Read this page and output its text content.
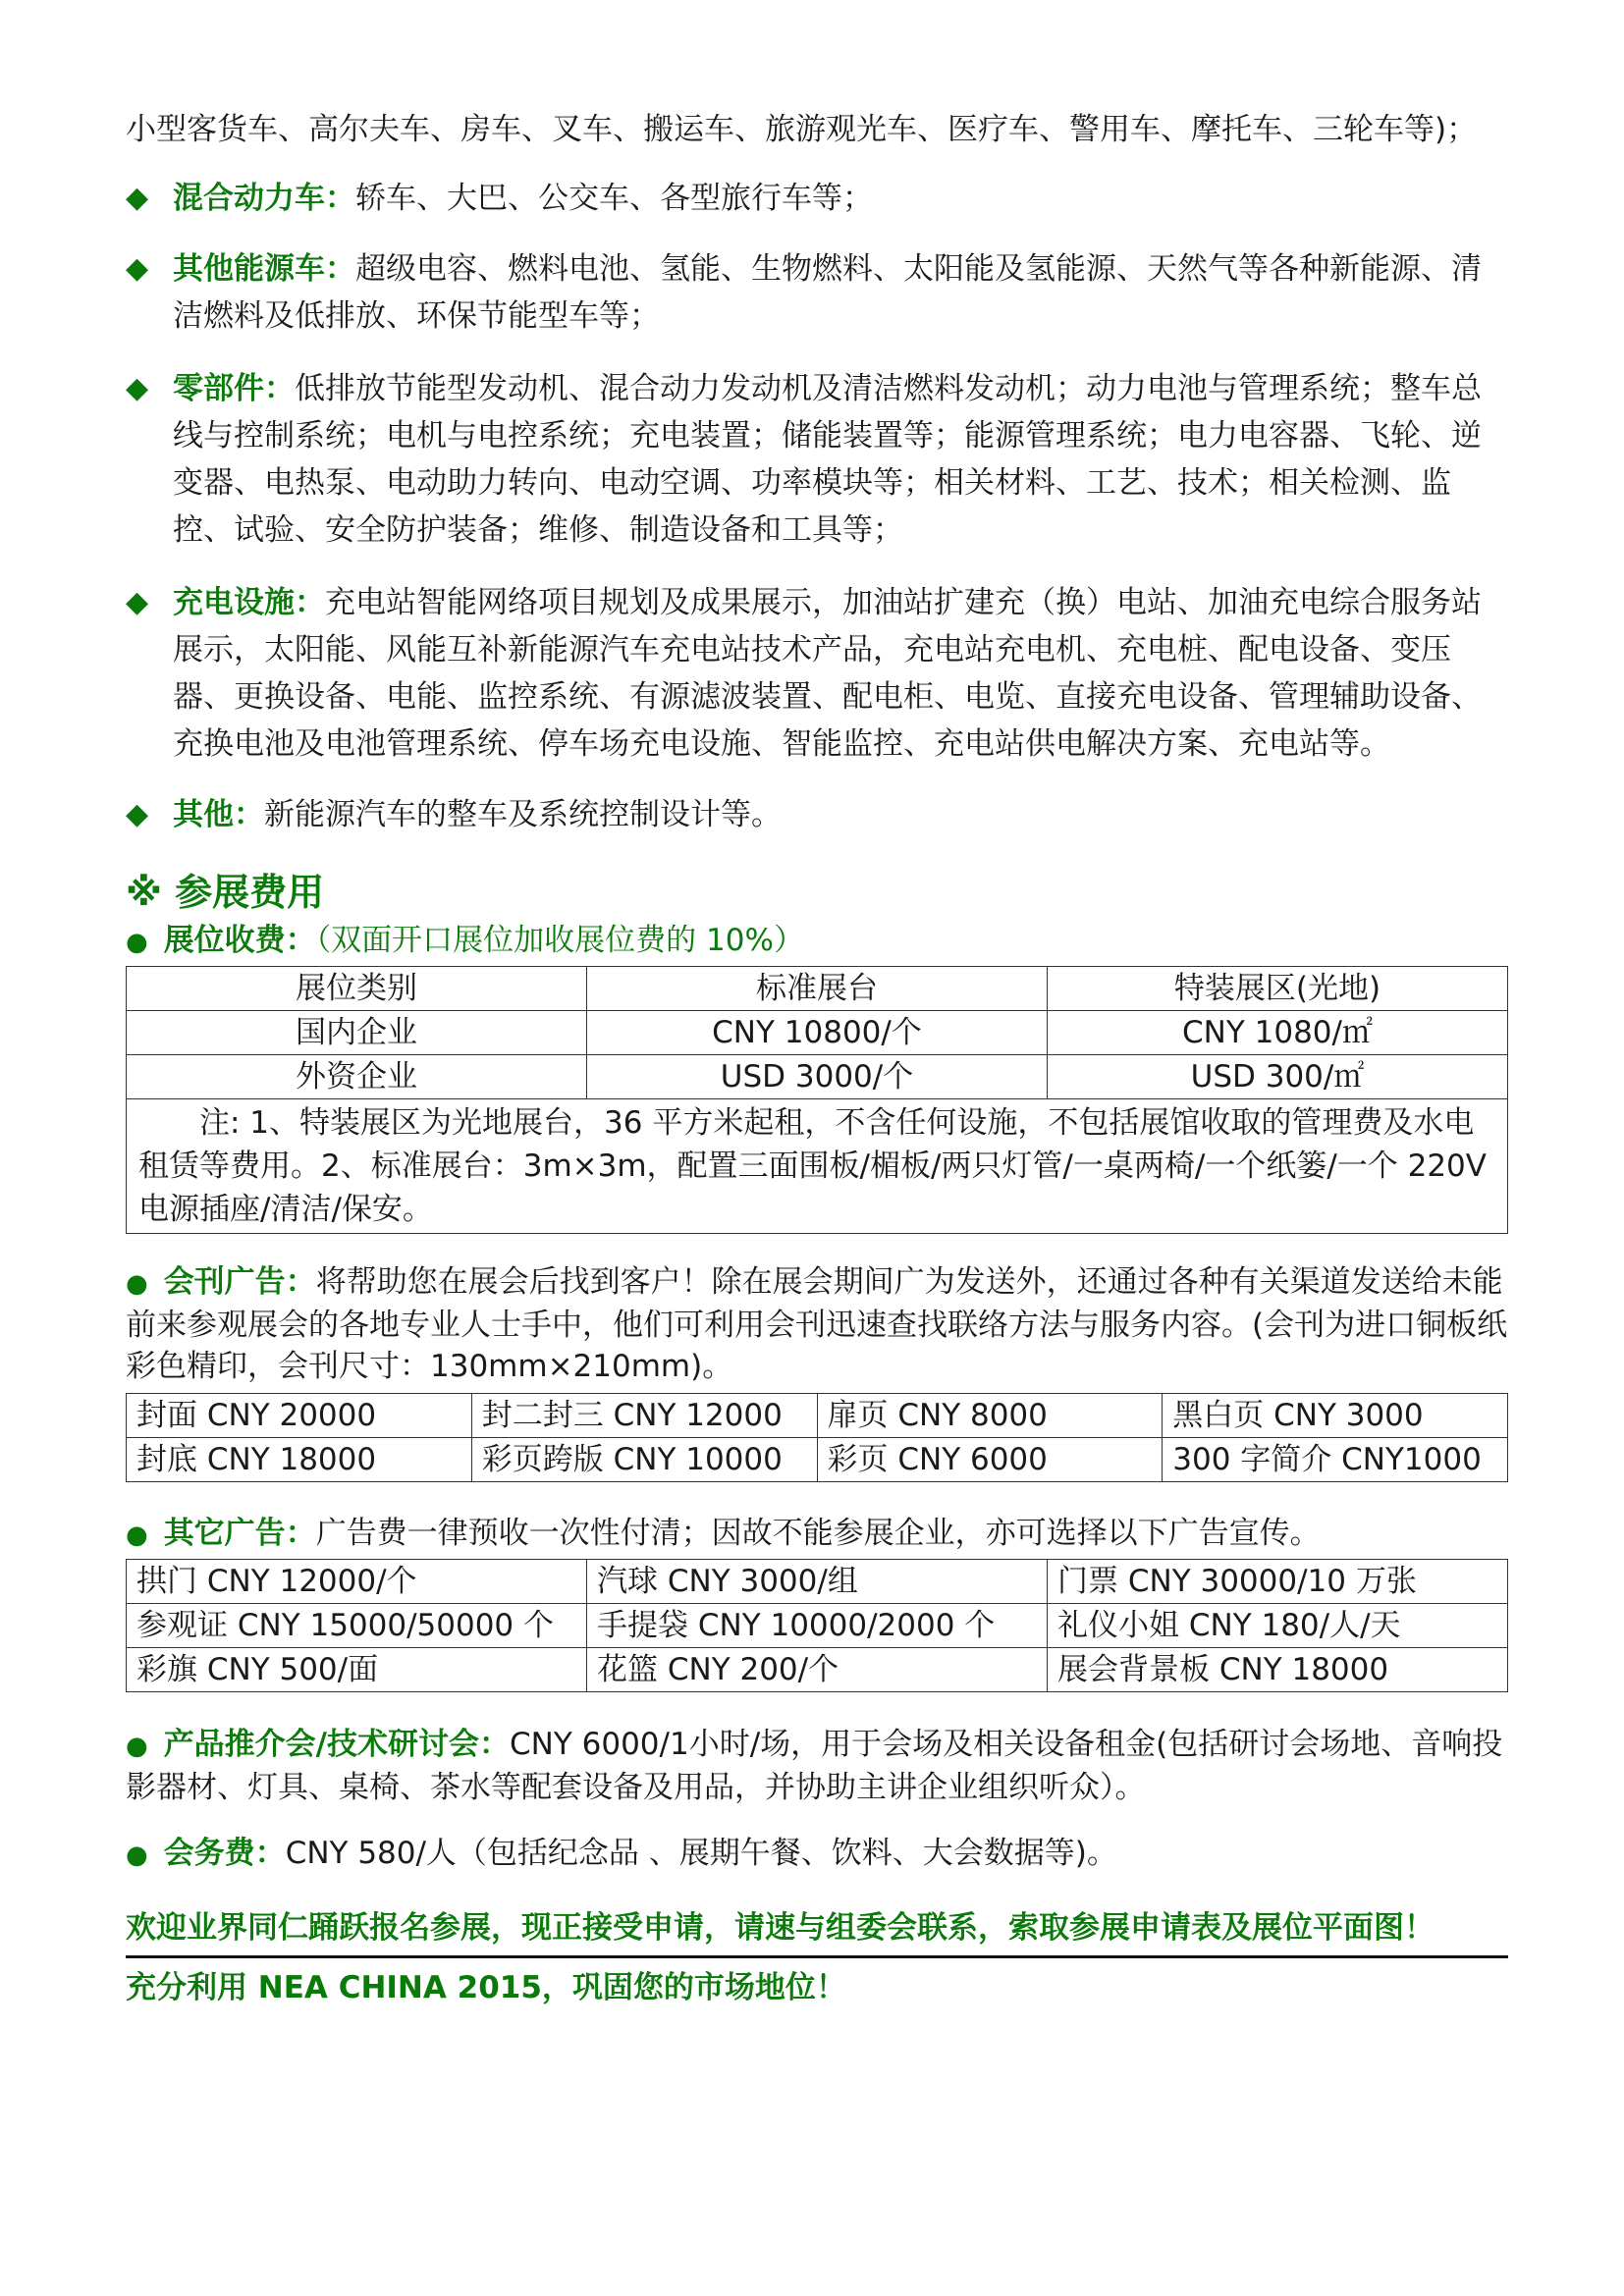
小型客货车、高尔夫车、房车、叉车、搬运车、旅游观光车、医疗车、警用车、摩托车、三轮车等)；

◆ 混合动力车：轿车、大巴、公交车、各型旅行车等；

◆ 其他能源车：超级电容、燃料电池、氢能、生物燃料、太阳能及氢能源、天然气等各种新能源、清洁燃料及低排放、环保节能型车等；

◆ 零部件：低排放节能型发动机、混合动力发动机及清洁燃料发动机；动力电池与管理系统；整车总线与控制系统；电机与电控系统；充电装置；储能装置等；能源管理系统；电力电容器、飞轮、逆变器、电热泵、电动助力转向、电动空调、功率模块等；相关材料、工艺、技术；相关检测、监控、试验、安全防护装备；维修、制造设备和工具等；

◆ 充电设施：充电站智能网络项目规划及成果展示，加油站扩建充（换）电站、加油充电综合服务站展示，太阳能、风能互补新能源汽车充电站技术产品，充电站充电机、充电桩、配电设备、变压器、更换设备、电能、监控系统、有源滤波装置、配电柜、电览、直接充电设备、管理辅助设备、充换电池及电池管理系统、停车场充电设施、智能监控、充电站供电解决方案、充电站等。

◆ 其他：新能源汽车的整车及系统控制设计等。

※ 参展费用

● 展位收费：（双面开口展位加收展位费的 10%）

展位类别	标准展台	特装展区(光地)
国内企业	CNY 10800/个	CNY 1080/㎡
外资企业	USD 3000/个	USD 300/㎡
注: 1、特装展区为光地展台，36 平方米起租，不含任何设施，不包括展馆收取的管理费及水电租赁等费用。2、标准展台：3m×3m，配置三面围板/楣板/两只灯管/一桌两椅/一个纸篓/一个 220V 电源插座/清洁/保安。		

● 会刊广告：将帮助您在展会后找到客户！除在展会期间广为发送外，还通过各种有关渠道发送给未能前来参观展会的各地专业人士手中，他们可利用会刊迅速查找联络方法与服务内容。(会刊为进口铜板纸彩色精印，会刊尺寸：130mm×210mm)。

封面 CNY 20000	封二封三 CNY 12000	扉页 CNY 8000	黑白页 CNY 3000
封底 CNY 18000	彩页跨版 CNY 10000	彩页 CNY 6000	300 字简介 CNY1000

● 其它广告：广告费一律预收一次性付清；因故不能参展企业，亦可选择以下广告宣传。

拱门 CNY 12000/个	汽球 CNY 3000/组	门票 CNY 30000/10 万张
参观证 CNY 15000/50000 个	手提袋 CNY 10000/2000 个	礼仪小姐 CNY 180/人/天
彩旗 CNY 500/面	花篮 CNY 200/个	展会背景板 CNY 18000

● 产品推介会/技术研讨会：CNY 6000/1小时/场，用于会场及相关设备租金(包括研讨会场地、音响投影器材、灯具、桌椅、茶水等配套设备及用品，并协助主讲企业组织听众）。

● 会务费：CNY 580/人（包括纪念品 、展期午餐、饮料、大会数据等)。

欢迎业界同仁踊跃报名参展，现正接受申请，请速与组委会联系，索取参展申请表及展位平面图！

充分利用 NEA CHINA 2015，巩固您的市场地位！
